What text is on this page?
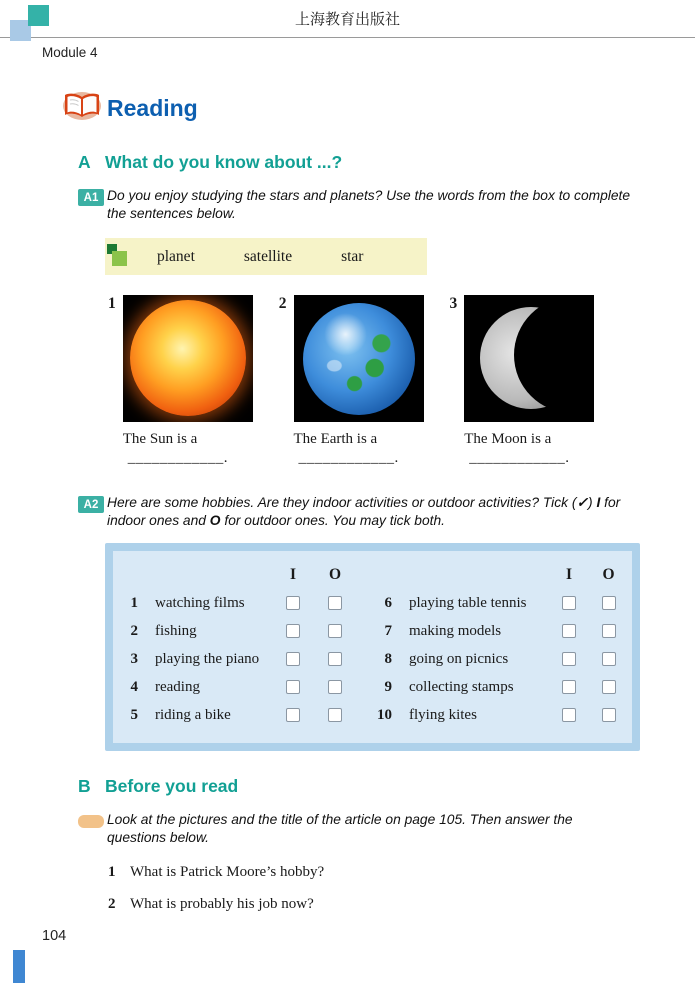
上海教育出版社
Module 4
Reading
A What do you know about ...?
A1 Do you enjoy studying the stars and planets? Use the words from the box to complete the sentences below.
planet	satellite	star
1
The Sun is a
____________.
2
The Earth is a
____________.
3
The Moon is a
____________.
A2 Here are some hobbies. Are they indoor activities or outdoor activities? Tick (✓) I for indoor ones and O for outdoor ones. You may tick both.
I	O	I	O
1	watching films	6	playing table tennis
2	fishing	7	making models
3	playing the piano	8	going on picnics
4	reading	9	collecting stamps
5	riding a bike	10	flying kites
B Before you read
Look at the pictures and the title of the article on page 105. Then answer the questions below.
1 What is Patrick Moore’s hobby?
2 What is probably his job now?
104
